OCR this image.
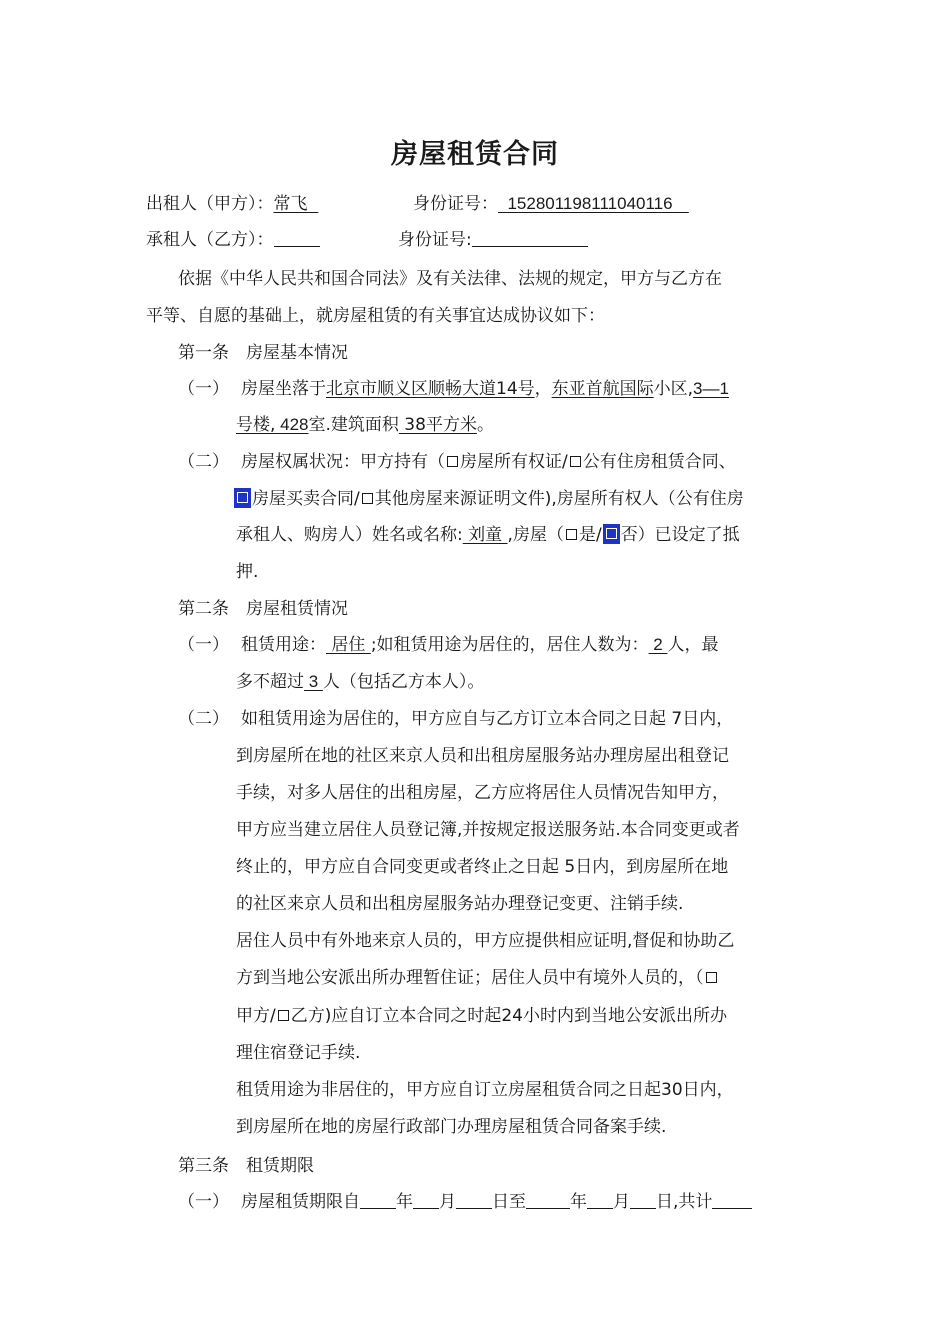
房屋租赁合同
出租人（甲方）：常飞	身份证号： 152801198111040116
承租人（乙方）：	身份证号:
依据《中华人民共和国合同法》及有关法律、法规的规定，甲方与乙方在
平等、自愿的基础上，就房屋租赁的有关事宜达成协议如下：
第一条　房屋基本情况
（一） 房屋坐落于北京市顺义区顺畅大道14号，东亚首航国际小区,3—1
号楼, 428室.建筑面积 38平方米。
（二） 房屋权属状况：甲方持有（ 房屋所有权证/ 公有住房租赁合同、
房屋买卖合同/ 其他房屋来源证明文件),房屋所有权人（公有住房
承租人、购房人）姓名或名称: 刘童 ,房屋（ 是/ 否）已设定了抵
押.
第二条　房屋租赁情况
（一） 租赁用途： 居住 ;如租赁用途为居住的，居住人数为： 2 人，最
多不超过 3 人（包括乙方本人）。
（二） 如租赁用途为居住的，甲方应自与乙方订立本合同之日起 7日内，
到房屋所在地的社区来京人员和出租房屋服务站办理房屋出租登记
手续，对多人居住的出租房屋，乙方应将居住人员情况告知甲方，
甲方应当建立居住人员登记簿,并按规定报送服务站.本合同变更或者
终止的，甲方应自合同变更或者终止之日起 5日内，到房屋所在地
的社区来京人员和出租房屋服务站办理登记变更、注销手续.
居住人员中有外地来京人员的，甲方应提供相应证明,督促和协助乙
方到当地公安派出所办理暂住证；居住人员中有境外人员的，（
甲方/ 乙方)应自订立本合同之时起24小时内到当地公安派出所办
理住宿登记手续.
租赁用途为非居住的，甲方应自订立房屋租赁合同之日起30日内，
到房屋所在地的房屋行政部门办理房屋租赁合同备案手续.
第三条　租赁期限
（一） 房屋租赁期限自 年 月 日至	年 月 日,共计
